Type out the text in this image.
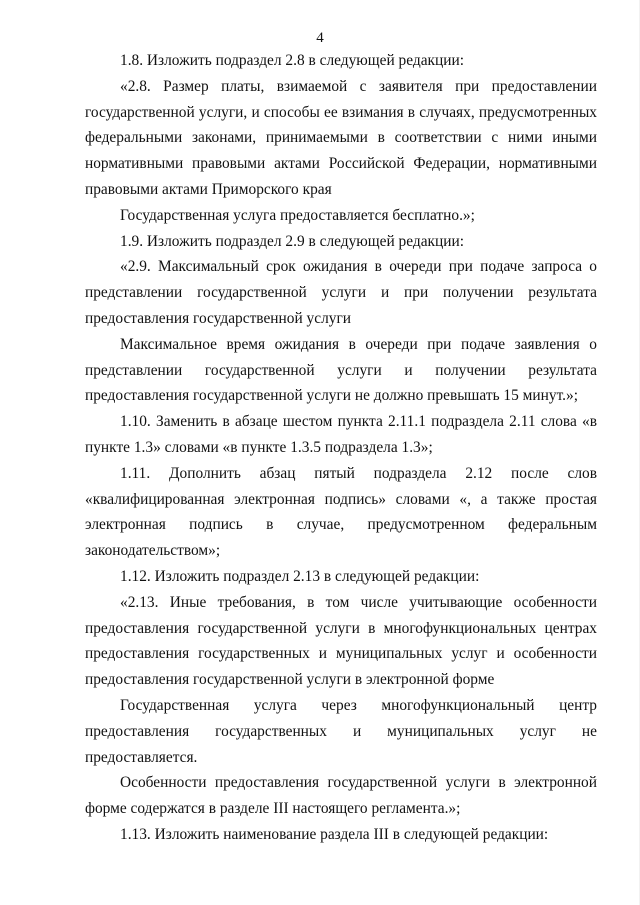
4

1.8. Изложить подраздел 2.8 в следующей редакции:

«2.8. Размер платы, взимаемой с заявителя при предоставлении государственной услуги, и способы ее взимания в случаях, предусмотренных федеральными законами, принимаемыми в соответствии с ними иными нормативными правовыми актами Российской Федерации, нормативными правовыми актами Приморского края

Государственная услуга предоставляется бесплатно.»;

1.9. Изложить подраздел 2.9 в следующей редакции:

«2.9. Максимальный срок ожидания в очереди при подаче запроса о представлении государственной услуги и при получении результата предоставления государственной услуги

Максимальное время ожидания в очереди при подаче заявления о представлении государственной услуги и получении результата предоставления государственной услуги не должно превышать 15 минут.»;

1.10. Заменить в абзаце шестом пункта 2.11.1 подраздела 2.11 слова «в пункте 1.3» словами «в пункте 1.3.5 подраздела 1.3»;

1.11. Дополнить абзац пятый подраздела 2.12 после слов «квалифицированная электронная подпись» словами «, а также простая электронная подпись в случае, предусмотренном федеральным законодательством»;

1.12. Изложить подраздел 2.13 в следующей редакции:

«2.13. Иные требования, в том числе учитывающие особенности предоставления государственной услуги в многофункциональных центрах предоставления государственных и муниципальных услуг и особенности предоставления государственной услуги в электронной форме

Государственная услуга через многофункциональный центр предоставления государственных и муниципальных услуг не предоставляется.

Особенности предоставления государственной услуги в электронной форме содержатся в разделе III настоящего регламента.»;

1.13. Изложить наименование раздела III в следующей редакции:
